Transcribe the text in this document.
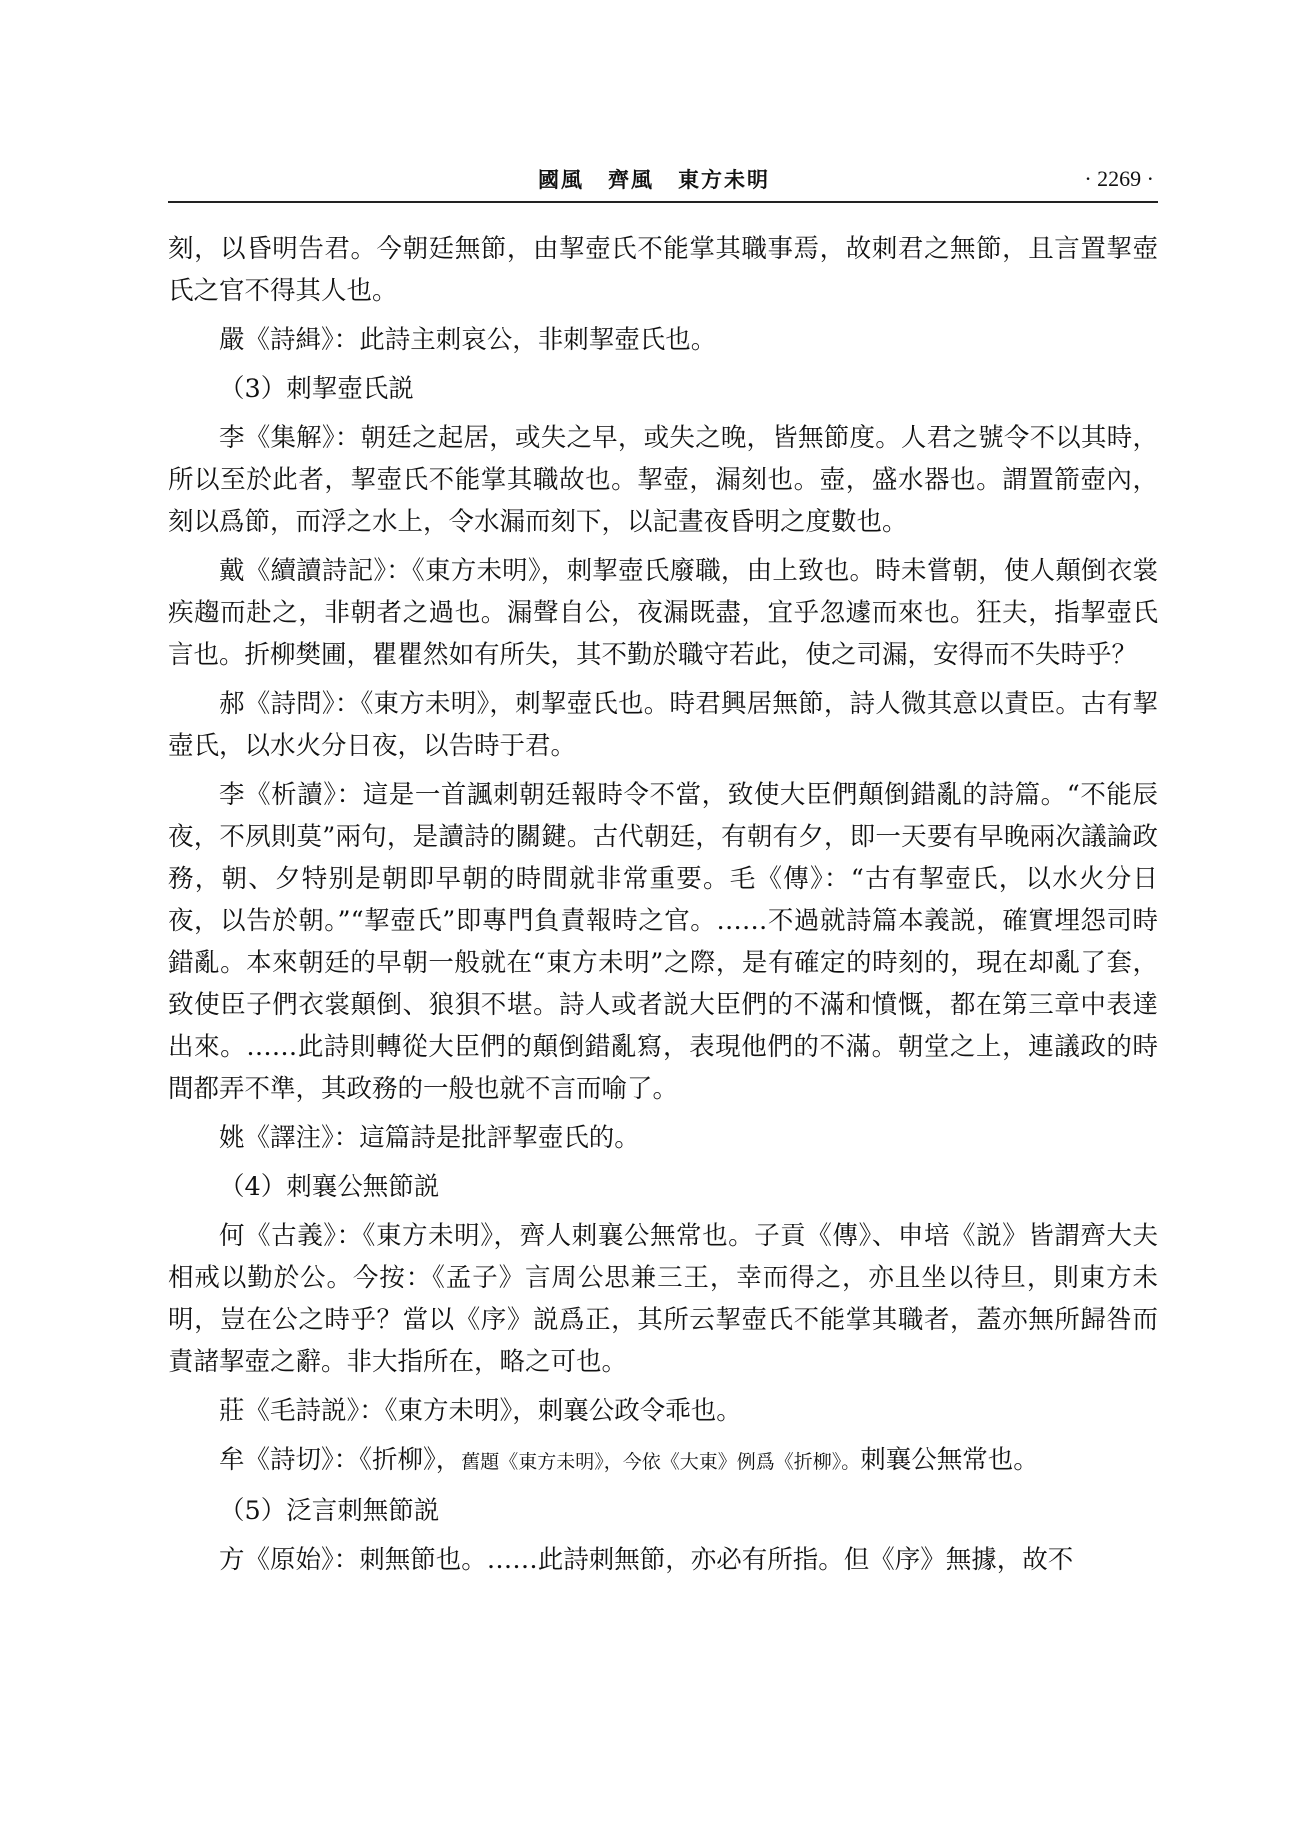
國風 齊風 東方未明	· 2269 ·

刻，以昏明告君。今朝廷無節，由挈壺氏不能掌其職事焉，故刺君之無節，且言置挈壺氏之官不得其人也。

嚴《詩緝》：此詩主刺哀公，非刺挈壺氏也。

（3）刺挈壺氏説

李《集解》：朝廷之起居，或失之早，或失之晚，皆無節度。人君之號令不以其時，所以至於此者，挈壺氏不能掌其職故也。挈壺，漏刻也。壺，盛水器也。謂置箭壺內，刻以爲節，而浮之水上，令水漏而刻下，以記晝夜昏明之度數也。

戴《續讀詩記》：《東方未明》，刺挈壺氏廢職，由上致也。時未嘗朝，使人顛倒衣裳疾趨而赴之，非朝者之過也。漏聲自公，夜漏既盡，宜乎忽遽而來也。狂夫，指挈壺氏言也。折柳樊圃，瞿瞿然如有所失，其不勤於職守若此，使之司漏，安得而不失時乎？

郝《詩問》：《東方未明》，刺挈壺氏也。時君興居無節，詩人微其意以責臣。古有挈壺氏，以水火分日夜，以告時于君。

李《析讀》：這是一首諷刺朝廷報時令不當，致使大臣們顛倒錯亂的詩篇。“不能辰夜，不夙則莫”兩句，是讀詩的關鍵。古代朝廷，有朝有夕，即一天要有早晚兩次議論政務，朝、夕特别是朝即早朝的時間就非常重要。毛《傳》：“古有挈壺氏，以水火分日夜，以告於朝。”“挈壺氏”即專門負責報時之官。……不過就詩篇本義説，確實埋怨司時錯亂。本來朝廷的早朝一般就在“東方未明”之際，是有確定的時刻的，現在却亂了套，致使臣子們衣裳顛倒、狼狽不堪。詩人或者説大臣們的不滿和憤慨，都在第三章中表達出來。……此詩則轉從大臣們的顛倒錯亂寫，表現他們的不滿。朝堂之上，連議政的時間都弄不準，其政務的一般也就不言而喻了。

姚《譯注》：這篇詩是批評挈壺氏的。

（4）刺襄公無節説

何《古義》：《東方未明》，齊人刺襄公無常也。子貢《傳》、申培《説》皆謂齊大夫相戒以勤於公。今按：《孟子》言周公思兼三王，幸而得之，亦且坐以待旦，則東方未明，豈在公之時乎？當以《序》説爲正，其所云挈壺氏不能掌其職者，蓋亦無所歸咎而責諸挈壺之辭。非大指所在，略之可也。

莊《毛詩説》：《東方未明》，刺襄公政令乖也。

牟《詩切》：《折柳》，舊題《東方未明》，今依《大東》例爲《折柳》。刺襄公無常也。

（5）泛言刺無節説

方《原始》：刺無節也。……此詩刺無節，亦必有所指。但《序》無據，故不
